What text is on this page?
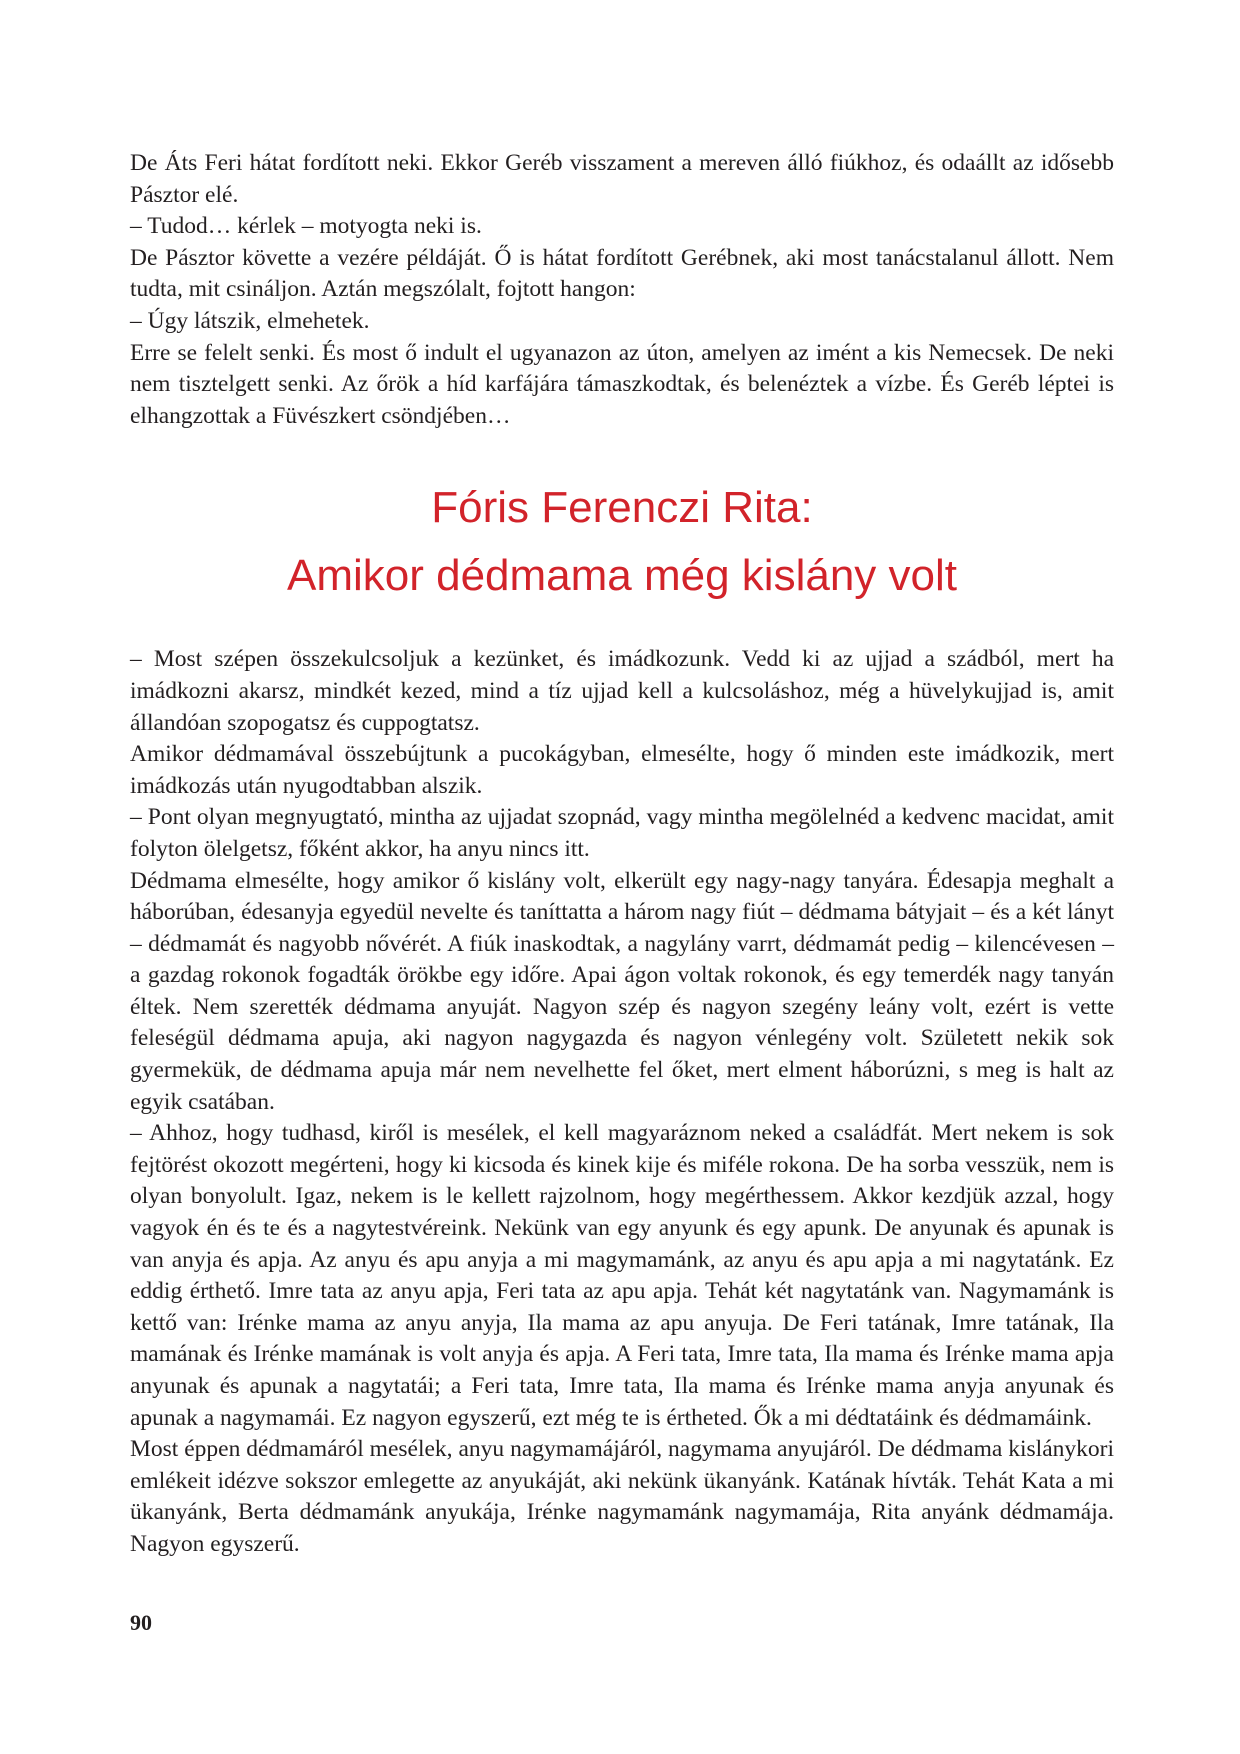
De Áts Feri hátat fordított neki. Ekkor Geréb visszament a mereven álló fiúkhoz, és odaállt az idősebb Pásztor elé.

– Tudod… kérlek – motyogta neki is.

De Pásztor követte a vezére példáját. Ő is hátat fordított Gerébnek, aki most tanácstalanul állott. Nem tudta, mit csináljon. Aztán megszólalt, fojtott hangon:

– Úgy látszik, elmehetek.

Erre se felelt senki. És most ő indult el ugyanazon az úton, amelyen az imént a kis Nemecsek. De neki nem tisztelgett senki. Az őrök a híd karfájára támaszkodtak, és belenéztek a vízbe. És Geréb léptei is elhangzottak a Füvészkert csöndjében…

Fóris Ferenczi Rita:
Amikor dédmama még kislány volt

– Most szépen összekulcsoljuk a kezünket, és imádkozunk. Vedd ki az ujjad a szádból, mert ha imádkozni akarsz, mindkét kezed, mind a tíz ujjad kell a kulcsoláshoz, még a hüvelykujjad is, amit állandóan szopogatsz és cuppogtatsz.

Amikor dédmamával összebújtunk a pucokágyban, elmesélte, hogy ő minden este imádkozik, mert imádkozás után nyugodtabban alszik.

– Pont olyan megnyugtató, mintha az ujjadat szopnád, vagy mintha megölelnéd a kedvenc macidat, amit folyton ölelgetsz, főként akkor, ha anyu nincs itt.

Dédmama elmesélte, hogy amikor ő kislány volt, elkerült egy nagy-nagy tanyára. Édesapja meghalt a háborúban, édesanyja egyedül nevelte és taníttatta a három nagy fiút – dédmama bátyjait – és a két lányt – dédmamát és nagyobb nővérét. A fiúk inaskodtak, a nagylány varrt, dédmamát pedig – kilencévesen – a gazdag rokonok fogadták örökbe egy időre. Apai ágon voltak rokonok, és egy temerdék nagy tanyán éltek. Nem szerették dédmama anyuját. Nagyon szép és nagyon szegény leány volt, ezért is vette feleségül dédmama apuja, aki nagyon nagygazda és nagyon vénlegény volt. Született nekik sok gyermekük, de dédmama apuja már nem nevelhette fel őket, mert elment háborúzni, s meg is halt az egyik csatában.

– Ahhoz, hogy tudhasd, kiről is mesélek, el kell magyaráznom neked a családfát. Mert nekem is sok fejtörést okozott megérteni, hogy ki kicsoda és kinek kije és miféle rokona. De ha sorba vesszük, nem is olyan bonyolult. Igaz, nekem is le kellett rajzolnom, hogy megérthessem. Akkor kezdjük azzal, hogy vagyok én és te és a nagytestvéreink. Nekünk van egy anyunk és egy apunk. De anyunak és apunak is van anyja és apja. Az anyu és apu anyja a mi magymamánk, az anyu és apu apja a mi nagytatánk. Ez eddig érthető. Imre tata az anyu apja, Feri tata az apu apja. Tehát két nagytatánk van. Nagymamánk is kettő van: Irénke mama az anyu anyja, Ila mama az apu anyuja. De Feri tatának, Imre tatának, Ila mamának és Irénke mamának is volt anyja és apja. A Feri tata, Imre tata, Ila mama és Irénke mama apja anyunak és apunak a nagytatái; a Feri tata, Imre tata, Ila mama és Irénke mama anyja anyunak és apunak a nagymamái. Ez nagyon egyszerű, ezt még te is értheted. Ők a mi dédtatáink és dédmamáink.

Most éppen dédmamáról mesélek, anyu nagymamájáról, nagymama anyujáról. De dédmama kislánykori emlékeit idézve sokszor emlegette az anyukáját, aki nekünk ükanyánk. Katának hívták. Tehát Kata a mi ükanyánk, Berta dédmamánk anyukája, Irénke nagymamánk nagymamája, Rita anyánk dédmamája. Nagyon egyszerű.

90
